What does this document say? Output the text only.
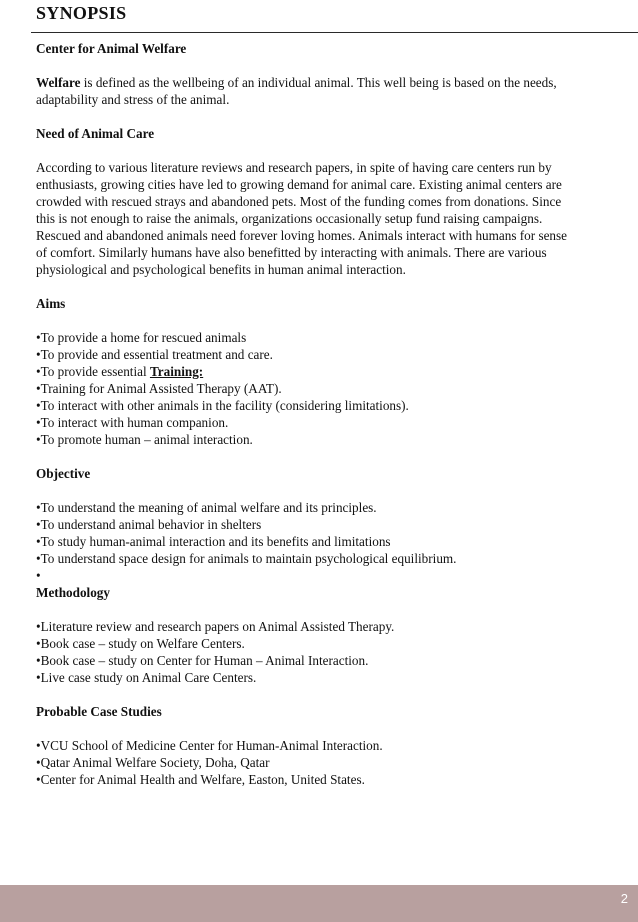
SYNOPSIS

Center for Animal Welfare

Welfare is defined as the wellbeing of an individual animal. This well being is based on the needs,

adaptability and stress of the animal.

Need of Animal Care

According to various literature reviews and research papers, in spite of having care centers run by

enthusiasts, growing cities have led to growing demand for animal care. Existing animal centers are

crowded with rescued strays and abandoned pets. Most of the funding comes from donations. Since

this is not enough to raise the animals, organizations occasionally setup fund raising campaigns.

Rescued and abandoned animals need forever loving homes. Animals interact with humans for sense

of comfort. Similarly humans have also benefitted by interacting with animals. There are various

physiological and psychological benefits in human animal interaction.

Aims

•To provide a home for rescued animals

•To provide and essential treatment and care.

•To provide essential Training:

•Training for Animal Assisted Therapy (AAT).

•To interact with other animals in the facility (considering limitations).

•To interact with human companion.

•To promote human – animal interaction.

Objective

•To understand the meaning of animal welfare and its principles.

•To understand animal behavior in shelters

•To study human-animal interaction and its benefits and limitations

•To understand space design for animals to maintain psychological equilibrium.

•

Methodology

•Literature review and research papers on Animal Assisted Therapy.

•Book case – study on Welfare Centers.

•Book case – study on Center for Human – Animal Interaction.

•Live case study on Animal Care Centers.

Probable Case Studies

•VCU School of Medicine Center for Human-Animal Interaction.

•Qatar Animal Welfare Society, Doha, Qatar

•Center for Animal Health and Welfare, Easton, United States.

2
